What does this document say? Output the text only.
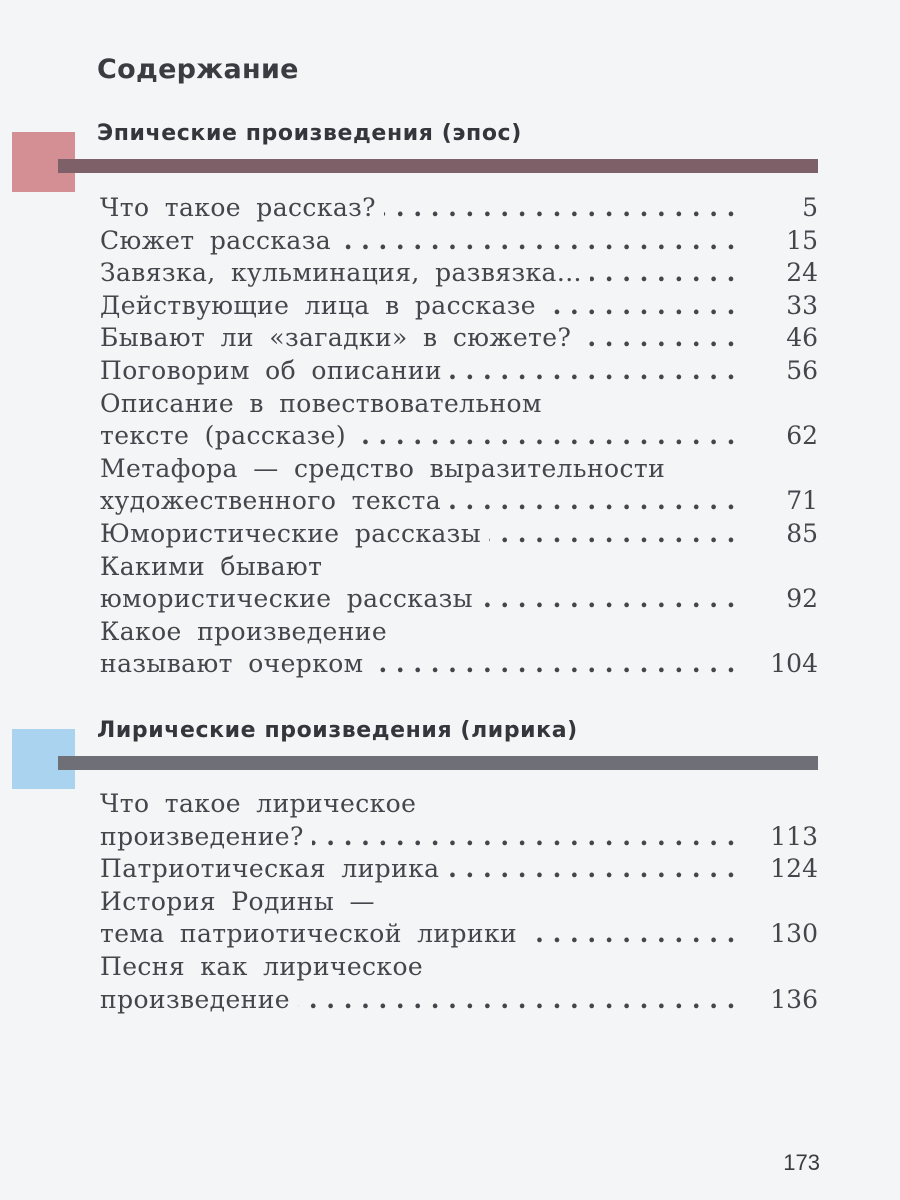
Содержание
Эпические произведения (эпос)
. . . Что такое рассказ?	5
. . . Сюжет рассказа	15
. . . Завязка, кульминация, развязка...	24
. . . Действующие лица в рассказе	33
. . . Бывают ли «загадки» в сюжете?	46
. . . Поговорим об описании	56
Описание в повествовательном
. . . тексте (рассказе)	62
Метафора — средство выразительности
. . . художественного текста	71
. . . Юмористические рассказы	85
Какими бывают
. . . юмористические рассказы	92
Какое произведение
. . . называют очерком	104
Лирические произведения (лирика)
Что такое лирическое
. . . произведение?	113
. . . Патриотическая лирика	124
История Родины —
. . . тема патриотической лирики	130
Песня как лирическое
. . . произведение	136
173
